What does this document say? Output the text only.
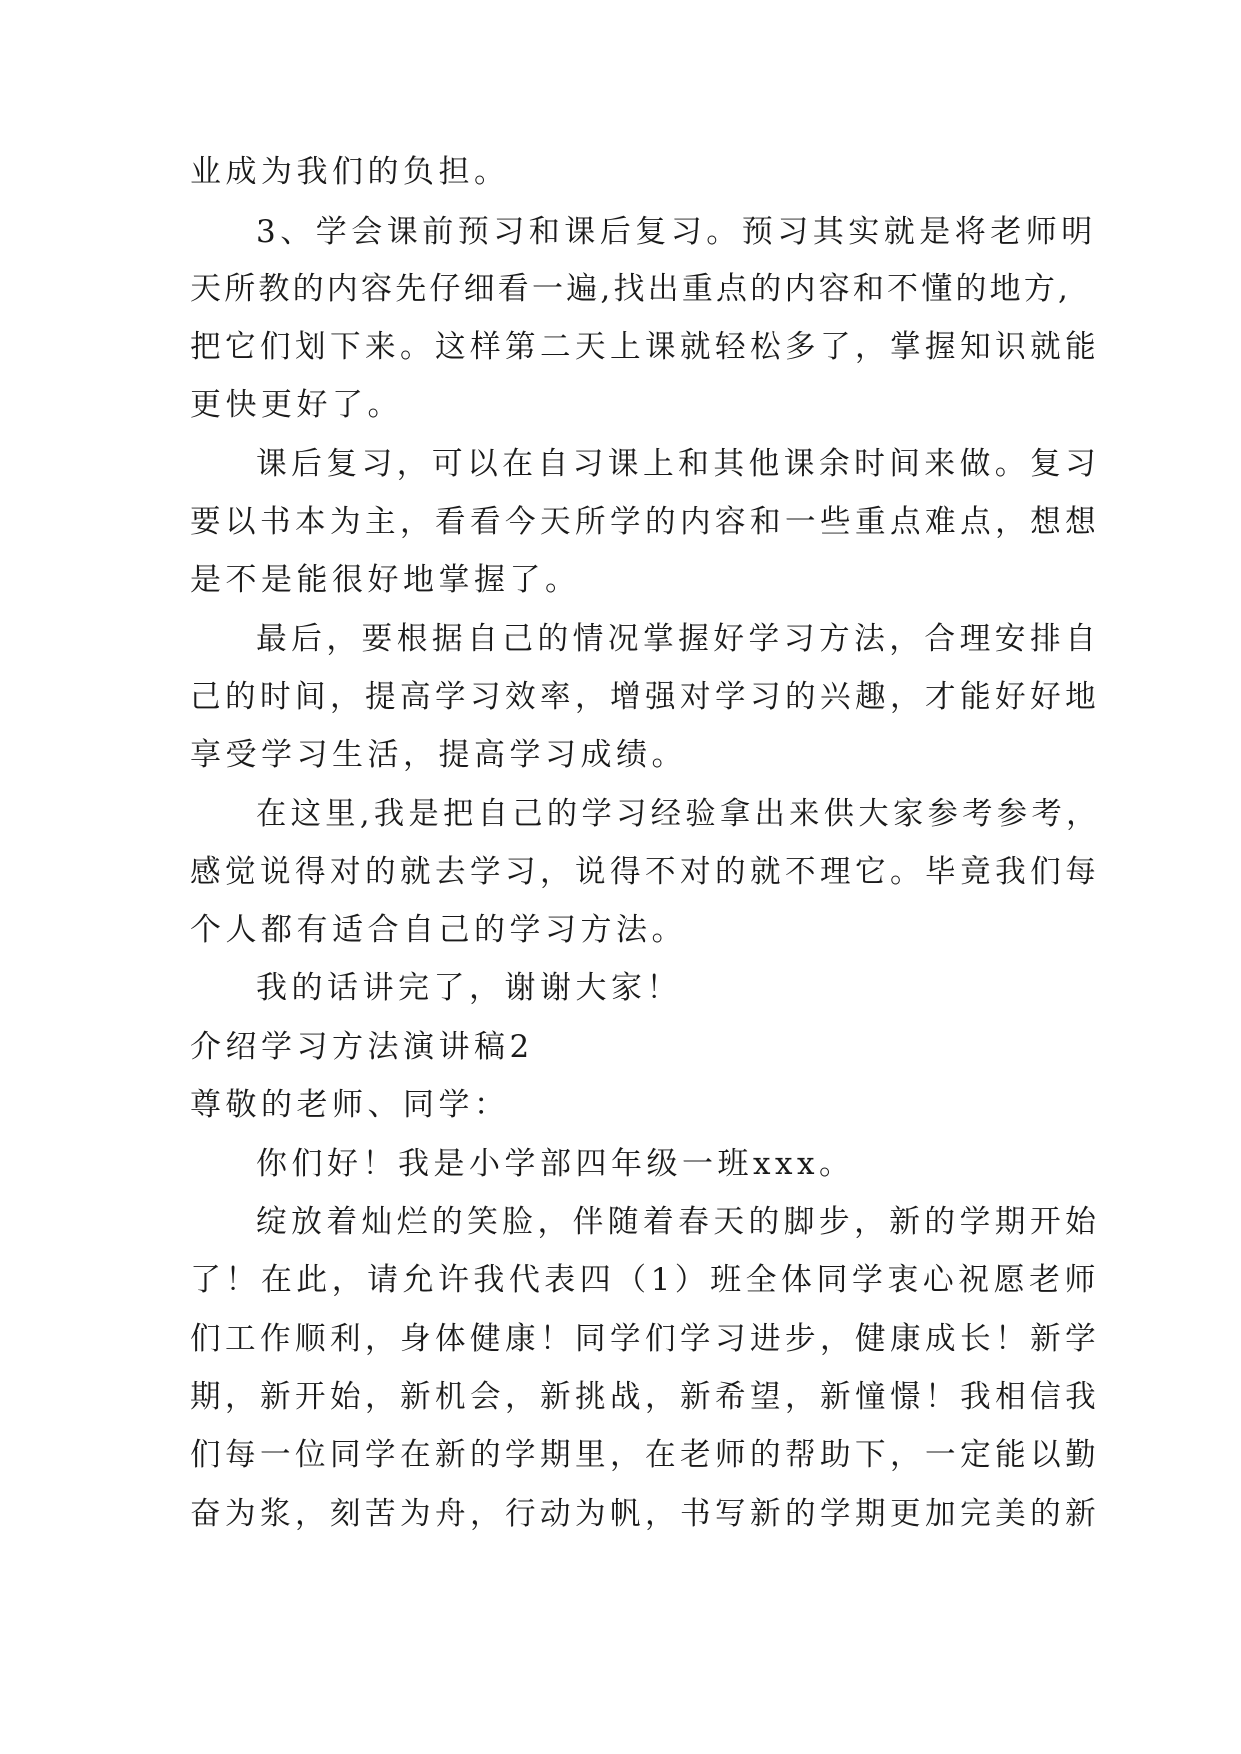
业成为我们的负担。
3、学会课前预习和课后复习。预习其实就是将老师明
天所教的内容先仔细看一遍,找出重点的内容和不懂的地方,
把它们划下来。这样第二天上课就轻松多了，掌握知识就能
更快更好了。
课后复习，可以在自习课上和其他课余时间来做。复习
要以书本为主，看看今天所学的内容和一些重点难点，想想
是不是能很好地掌握了。
最后，要根据自己的情况掌握好学习方法，合理安排自
己的时间，提高学习效率，增强对学习的兴趣，才能好好地
享受学习生活，提高学习成绩。
在这里,我是把自己的学习经验拿出来供大家参考参考，
感觉说得对的就去学习，说得不对的就不理它。毕竟我们每
个人都有适合自己的学习方法。
我的话讲完了，谢谢大家！
介绍学习方法演讲稿2
尊敬的老师、同学：
你们好！我是小学部四年级一班xxx。
绽放着灿烂的笑脸，伴随着春天的脚步，新的学期开始
了！在此，请允许我代表四（1）班全体同学衷心祝愿老师
们工作顺利，身体健康！同学们学习进步，健康成长！新学
期，新开始，新机会，新挑战，新希望，新憧憬！我相信我
们每一位同学在新的学期里，在老师的帮助下，一定能以勤
奋为浆，刻苦为舟，行动为帆，书写新的学期更加完美的新
